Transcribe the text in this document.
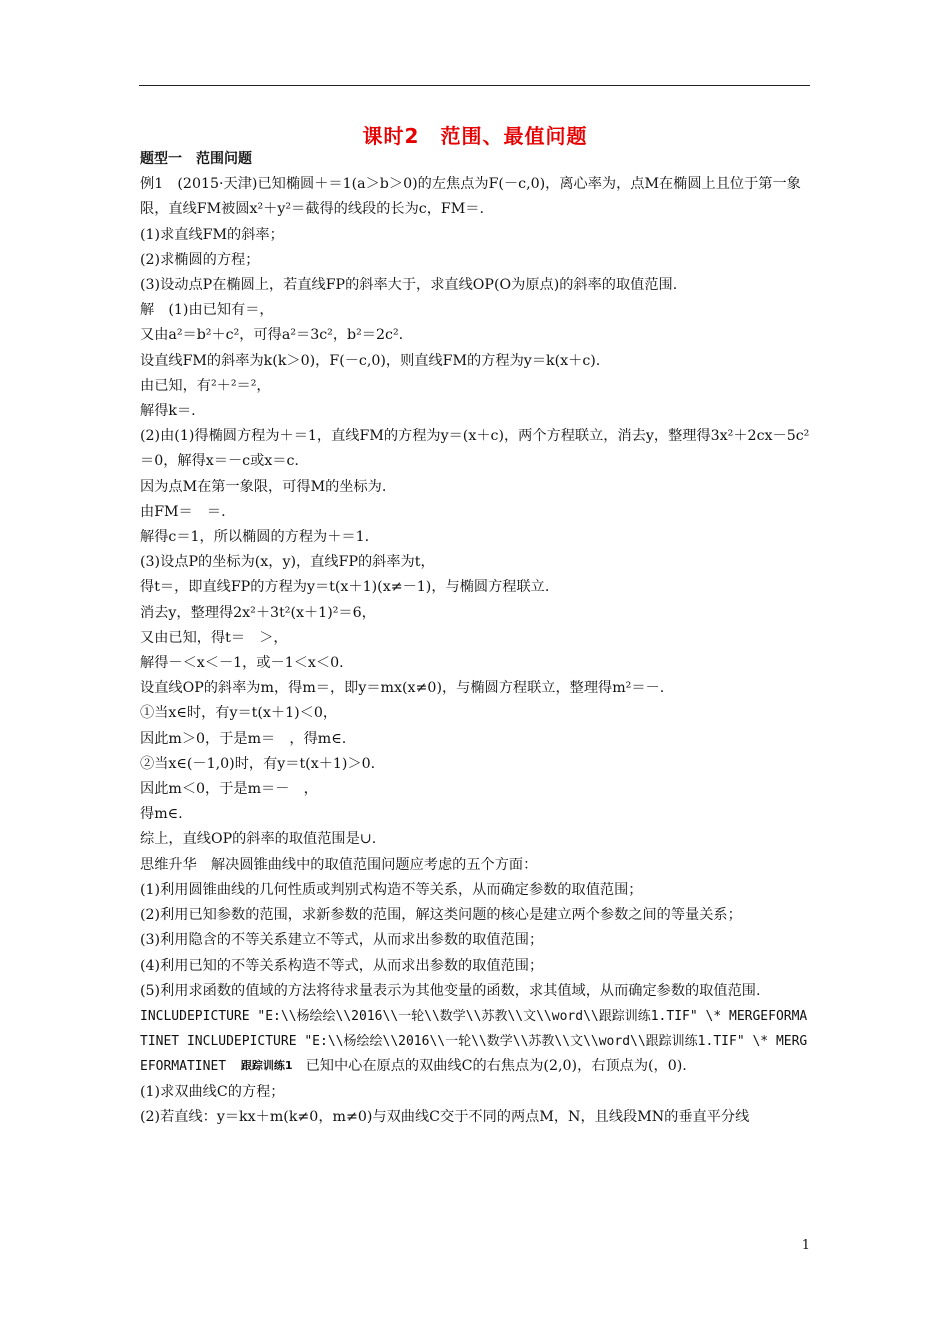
课时2　范围、最值问题

题型一　范围问题

例1　(2015·天津)已知椭圆＋＝1(a＞b＞0)的左焦点为F(－c,0)，离心率为，点M在椭圆上且位于第一象限，直线FM被圆x²＋y²＝截得的线段的长为c，FM＝.

(1)求直线FM的斜率；

(2)求椭圆的方程；

(3)设动点P在椭圆上，若直线FP的斜率大于，求直线OP(O为原点)的斜率的取值范围.

解　(1)由已知有＝，

又由a²＝b²＋c²，可得a²＝3c²，b²＝2c².

设直线FM的斜率为k(k＞0)，F(－c,0)，则直线FM的方程为y＝k(x＋c).

由已知，有²＋²＝²，

解得k＝.

(2)由(1)得椭圆方程为＋＝1，直线FM的方程为y＝(x＋c)，两个方程联立，消去y，整理得3x²＋2cx－5c²＝0，解得x＝－c或x＝c.

因为点M在第一象限，可得M的坐标为.

由FM＝　＝.

解得c＝1，所以椭圆的方程为＋＝1.

(3)设点P的坐标为(x，y)，直线FP的斜率为t，

得t＝，即直线FP的方程为y＝t(x＋1)(x≠－1)，与椭圆方程联立.

消去y，整理得2x²＋3t²(x＋1)²＝6，

又由已知，得t＝　＞，

解得－＜x＜－1，或－1＜x＜0.

设直线OP的斜率为m，得m＝，即y＝mx(x≠0)，与椭圆方程联立，整理得m²＝－.

①当x∈时，有y＝t(x＋1)＜0，

因此m＞0，于是m＝　，得m∈.

②当x∈(－1,0)时，有y＝t(x＋1)＞0.

因此m＜0，于是m＝－　，

得m∈.

综上，直线OP的斜率的取值范围是∪.

思维升华　解决圆锥曲线中的取值范围问题应考虑的五个方面：

(1)利用圆锥曲线的几何性质或判别式构造不等关系，从而确定参数的取值范围；

(2)利用已知参数的范围，求新参数的范围，解这类问题的核心是建立两个参数之间的等量关系；

(3)利用隐含的不等关系建立不等式，从而求出参数的取值范围；

(4)利用已知的不等关系构造不等式，从而求出参数的取值范围；

(5)利用求函数的值域的方法将待求量表示为其他变量的函数，求其值域，从而确定参数的取值范围.

INCLUDEPICTURE "E:\\杨绘绘\\2016\\一轮\\数学\\苏教\\文\\word\\跟踪训练1.TIF" \* MERGEFORMATINET INCLUDEPICTURE "E:\\杨绘绘\\2016\\一轮\\数学\\苏教\\文\\word\\跟踪训练1.TIF" \* MERGEFORMATINET 跟踪训练1 已知中心在原点的双曲线C的右焦点为(2,0)，右顶点为(，0).

(1)求双曲线C的方程；

(2)若直线：y＝kx＋m(k≠0，m≠0)与双曲线C交于不同的两点M，N，且线段MN的垂直平分线

1
